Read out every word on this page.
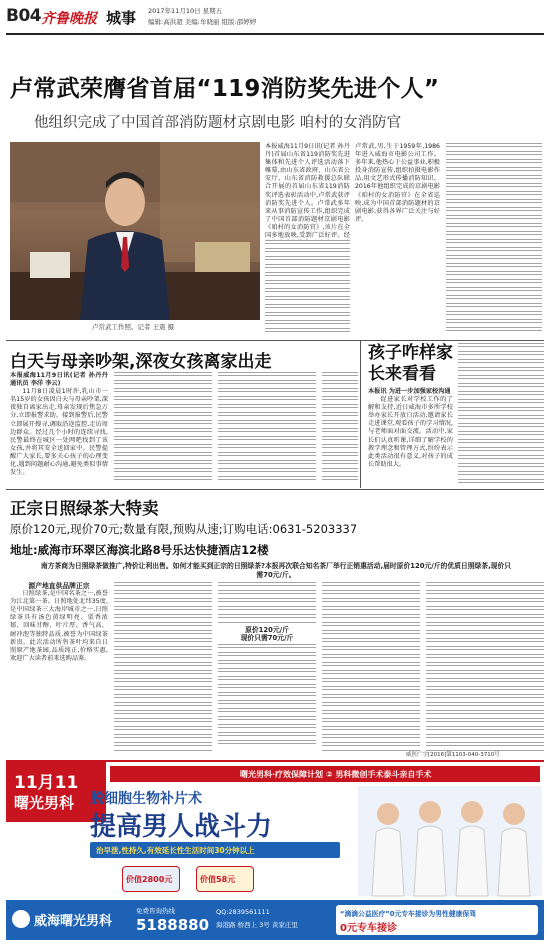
B04 齐鲁晚报 城事 2017年11月10日 星期五
编辑:高洪超 美编:牟晓丽 组版:邵婷婷
卢常武荣膺省首届“119消防奖先进个人”
他组织完成了中国首部消防题材京剧电影 咱村的女消防官
卢常武工作照。记者 王震 摄

本报威海11月9日讯(记者 孙丹丹)首届山东省119消防奖先进集体和先进个人评选活动落下帷幕,由山东省政府、山东省公安厅、山东省消防救援总队联合开展的首届山东省119消防奖评选表彰活动中,卢常武获评消防奖先进个人。卢常武多年来从事消防宣传工作,组织完成了中国首部消防题材京剧电影《咱村的女消防官》,该片在全国多地放映,受到广泛好评。经

卢常武,男,生于1959年,1986年进入威海市电影公司工作。多年来,他热心于公益事业,积极投身消防宣传,组织拍摄电影作品,用文艺形式传播消防知识。2016年他组织完成的京剧电影《咱村的女消防官》在全省巡映,成为中国首部消防题材的京剧电影,获得各界广泛关注与好评。

白天与母亲吵架,深夜女孩离家出走

本报威海11月9日讯(记者 孙丹丹 通讯员 李洋 李云)

11月8日凌晨1时许,乳山市一名15岁的女孩因白天与母亲吵架,深夜独自离家出走,母亲发现后焦急万分,立即报警求助。接到报警后,民警立即展开搜寻,调取沿途监控,走访周边群众。经过几个小时的连续寻找,民警最终在城区一处网吧找到了该女孩,并将其安全送回家中。民警提醒广大家长,要多关心孩子的心理变化,遇到问题耐心沟通,避免类似事情发生。

孩子咋样家长来看看

本报讯 为进一步加强家校沟通

促进家长对学校工作的了解和支持,近日威海市多所学校举办家长开放日活动,邀请家长走进课堂,观看孩子的学习情况,与老师面对面交流。活动中,家长们认真听课,详细了解学校的教学理念和管理方式,纷纷表示此类活动很有意义,对孩子的成长帮助很大。

正宗日照绿茶大特卖
原价120元,现价70元;数量有限,预购从速;订购电话:0631-5203337
地址:威海市环翠区海滨北路8号乐达快捷酒店12楼
南方茶商为日照绿茶做推广,特价让利出售。如何才能买到正宗的日照绿茶?本报再次联合知名茶厂举行正销惠活动,届时原价120元/斤的优质日照绿茶,现价只需70元/斤。

源产地直供品牌正宗

日照绿茶,是中国名茶之一,被誉为江北第一茶。日照地处北纬35度,是中国绿茶三大海岸城市之一,日照绿茶具有汤色黄绿明亮、栗香浓郁、回味甘醇、叶片厚、香气高、耐冲泡等独特品质,被誉为中国绿茶新贵。此次活动所售茶叶均来自日照原产地茶园,品质纯正,价格实惠,欢迎广大读者前来选购品鉴。

原价120元/斤

现价只需70元/斤

11月11
曙光男科
曙光男科·疗效保障计划 ② 男科微创手术泰斗亲自手术
威医广字[2016]第1103-040-3710号
脱细胞生物补片术
提高男人战斗力
治早泄,性持久,有效延长性生活时间30分钟以上
价值2800元	价值58元
威海曙光男科
免费咨询热线
5188880
QQ:2839561111
海港路 桥西上 3号 黄家庄里
“滴滴公益医疗”0元专车接诊为男性健康保驾
0元专车接诊
